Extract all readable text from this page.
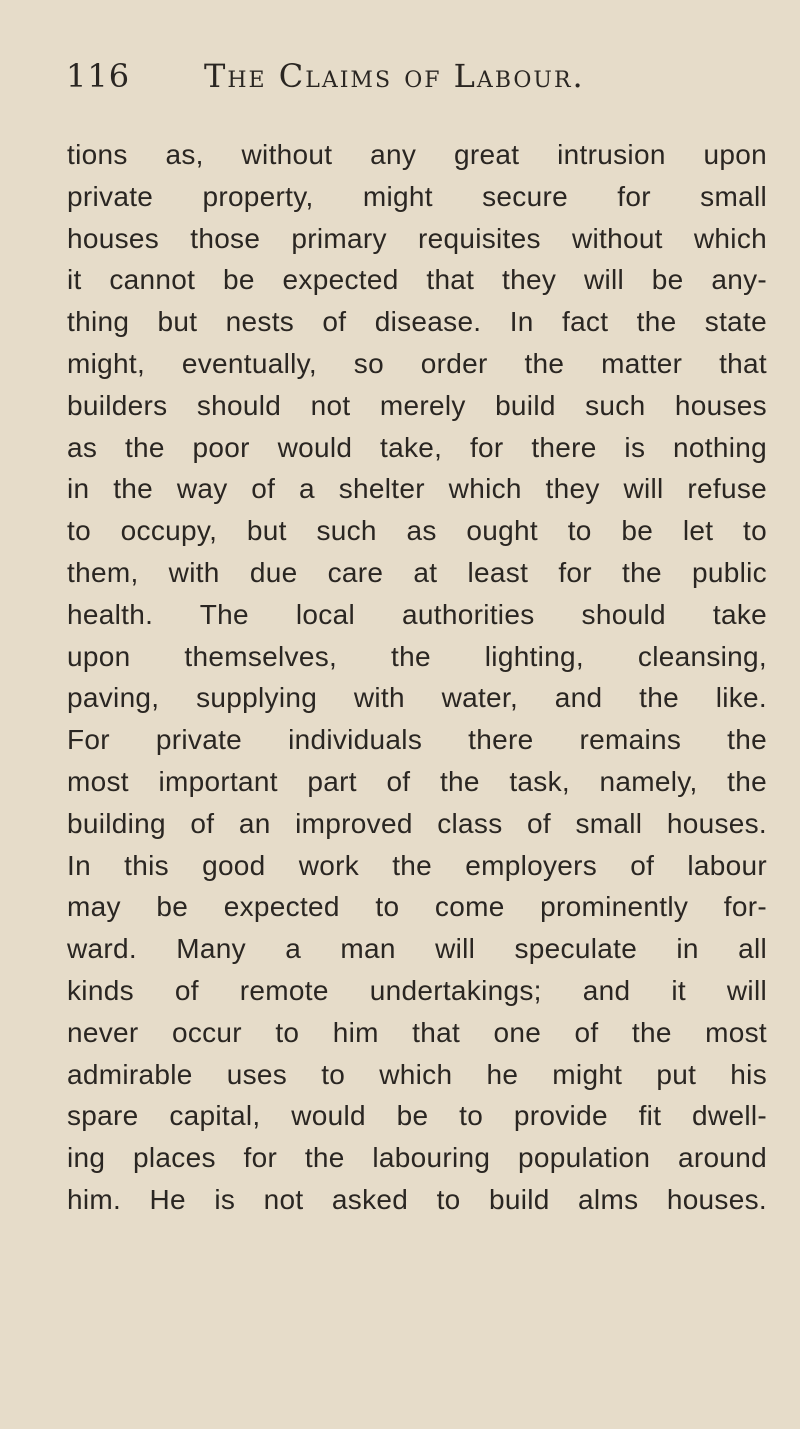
116 The Claims of Labour.
tions as, without any great intrusion upon
private property, might secure for small
houses those primary requisites without which
it cannot be expected that they will be any-
thing but nests of disease. In fact the state
might, eventually, so order the matter that
builders should not merely build such houses
as the poor would take, for there is nothing
in the way of a shelter which they will refuse
to occupy, but such as ought to be let to
them, with due care at least for the public
health. The local authorities should take
upon themselves, the lighting, cleansing,
paving, supplying with water, and the like.
For private individuals there remains the
most important part of the task, namely, the
building of an improved class of small houses.
In this good work the employers of labour
may be expected to come prominently for-
ward. Many a man will speculate in all
kinds of remote undertakings; and it will
never occur to him that one of the most
admirable uses to which he might put his
spare capital, would be to provide fit dwell-
ing places for the labouring population around
him. He is not asked to build alms houses.
